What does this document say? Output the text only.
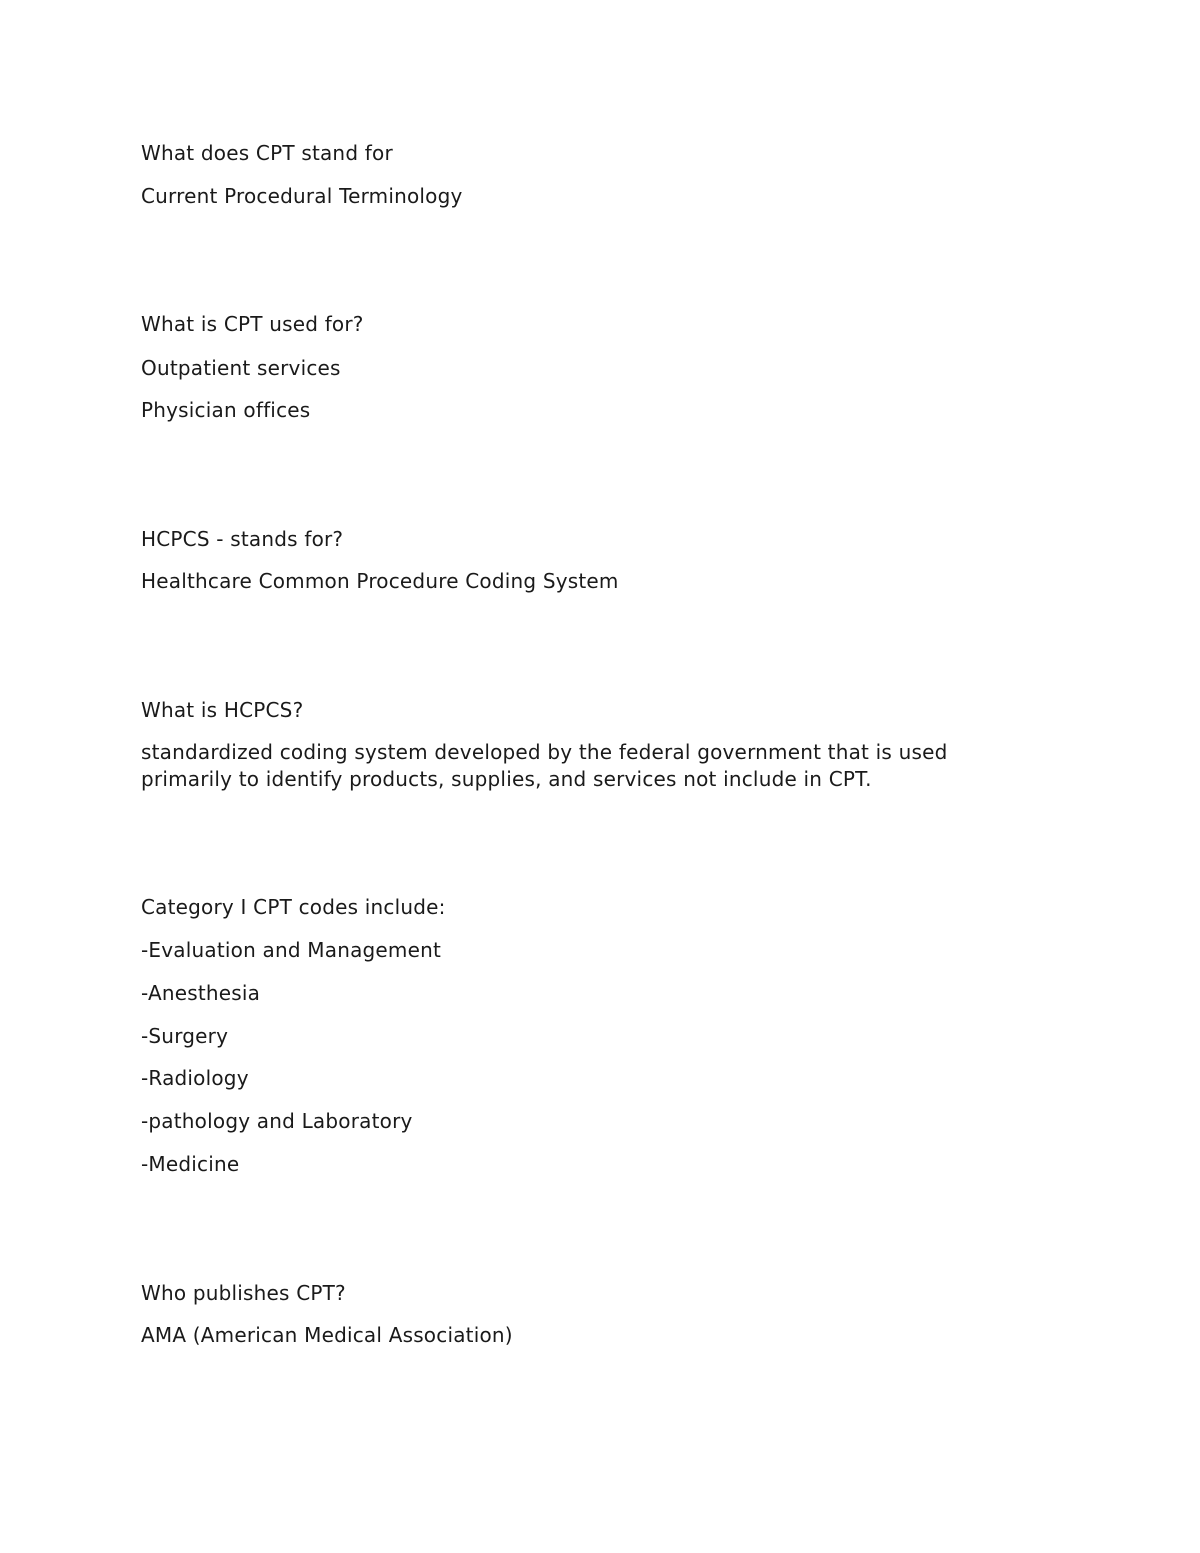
What does CPT stand for
Current Procedural Terminology
What is CPT used for?
Outpatient services
Physician offices
HCPCS - stands for?
Healthcare Common Procedure Coding System
What is HCPCS?
standardized coding system developed by the federal government that is used primarily to identify products, supplies, and services not include in CPT.
Category I CPT codes include:
-Evaluation and Management
-Anesthesia
-Surgery
-Radiology
-pathology and Laboratory
-Medicine
Who publishes CPT?
AMA (American Medical Association)
